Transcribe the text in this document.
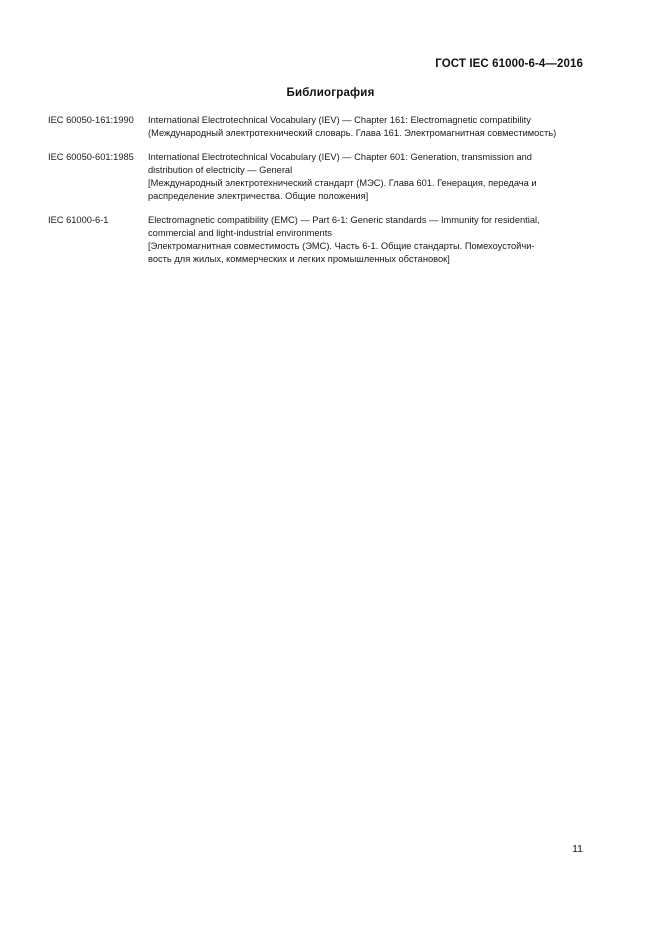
ГОСТ IEC 61000-6-4—2016
Библиография
IEC 60050-161:1990	International Electrotechnical Vocabulary (IEV) — Chapter 161: Electromagnetic compatibility
(Международный электротехнический словарь. Глава 161. Электромагнитная совместимость)
IEC 60050-601:1985	International Electrotechnical Vocabulary (IEV) — Chapter 601: Generation, transmission and
distribution of electricity — General
[Международный электротехнический стандарт (МЭС). Глава 601. Генерация, передача и
распределение электричества. Общие положения]
IEC 61000-6-1	Electromagnetic compatibility (EMC) — Part 6-1: Generic standards — Immunity for residential,
commercial and light-industrial environments
[Электромагнитная совместимость (ЭМС). Часть 6-1. Общие стандарты. Помехоустойчи-
вость для жилых, коммерческих и легких промышленных обстановок]
11
